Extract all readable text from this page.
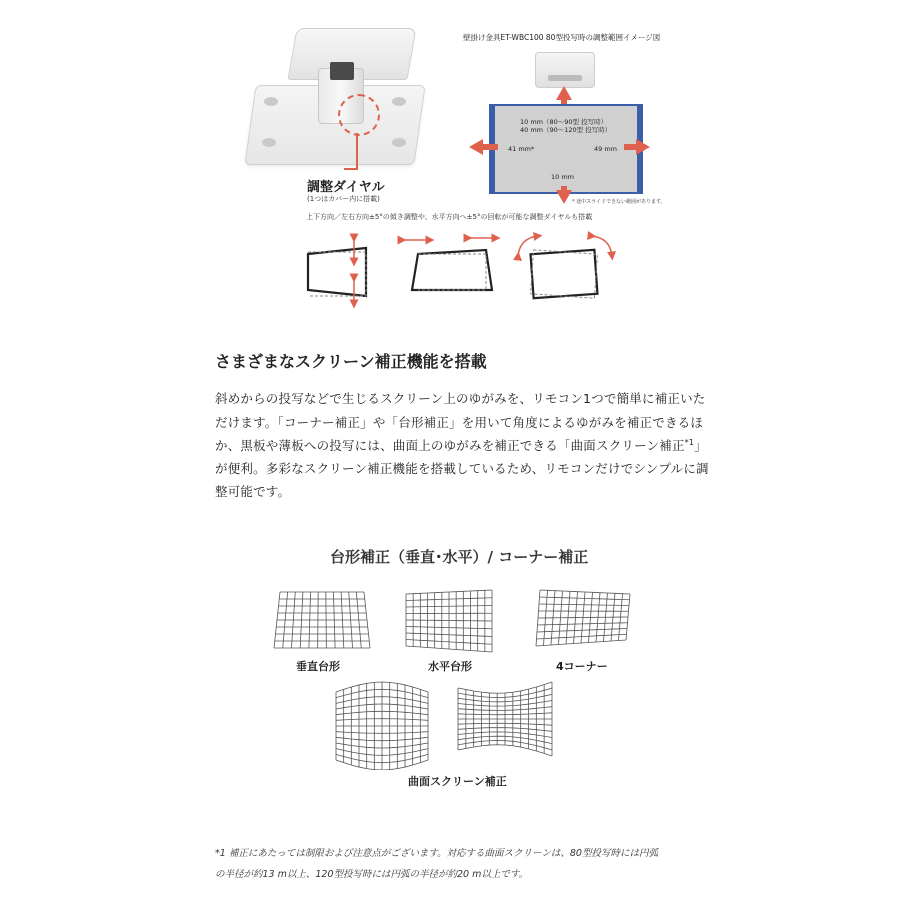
調整ダイヤル
(1つはカバー内に搭載)
上下方向／左右方向±5°の傾き調整や、水平方向へ±5°の回転が可能な調整ダイヤルも搭載
壁掛け金具ET-WBC100 80型投写時の調整範囲イメージ図
10 mm（80～90型 投写時）
40 mm（90～120型 投写時）
41 mm*	49 mm
10 mm
* 途中スライドできない範囲があります。
さまざまなスクリーン補正機能を搭載
斜めからの投写などで生じるスクリーン上のゆがみを、リモコン1つで簡単に補正いた
だけます。「コーナー補正」や「台形補正」を用いて角度によるゆがみを補正できるほ
か、黒板や薄板への投写には、曲面上のゆがみを補正できる「曲面スクリーン補正$^{*1}$」
が便利。多彩なスクリーン補正機能を搭載しているため、リモコンだけでシンプルに調
整可能です。
台形補正（垂直･水平）/ コーナー補正
垂直台形	水平台形	4コーナー
曲面スクリーン補正
*1 補正にあたっては制限および注意点がございます。対応する曲面スクリーンは、80型投写時には円弧
の半径が約13 m以上、120型投写時には円弧の半径が約20 m以上です。
